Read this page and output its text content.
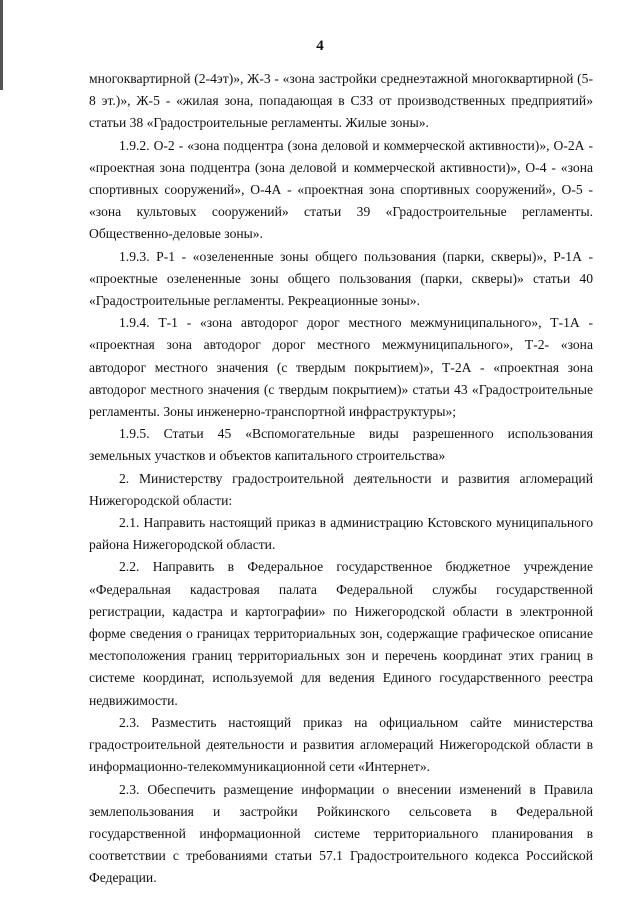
4

многоквартирной (2-4эт)», Ж-3 - «зона застройки среднеэтажной многоквартирной (5-8 эт.)», Ж-5 - «жилая зона, попадающая в СЗЗ от производственных предприятий» статьи 38 «Градостроительные регламенты. Жилые зоны».

1.9.2. О-2 - «зона подцентра (зона деловой и коммерческой активности)», О-2А - «проектная зона подцентра (зона деловой и коммерческой активности)», О-4 - «зона спортивных сооружений», О-4А - «проектная зона спортивных сооружений», О-5 - «зона культовых сооружений» статьи 39 «Градостроительные регламенты. Общественно-деловые зоны».

1.9.3. Р-1 - «озелененные зоны общего пользования (парки, скверы)», Р-1А - «проектные озелененные зоны общего пользования (парки, скверы)» статьи 40 «Градостроительные регламенты. Рекреационные зоны».

1.9.4. Т-1 - «зона автодорог дорог местного межмуниципального», Т-1А - «проектная зона автодорог дорог местного межмуниципального», Т-2- «зона автодорог местного значения (с твердым покрытием)», Т-2А - «проектная зона автодорог местного значения (с твердым покрытием)» статьи 43 «Градостроительные регламенты. Зоны инженерно-транспортной инфраструктуры»;

1.9.5. Статьи 45 «Вспомогательные виды разрешенного использования земельных участков и объектов капитального строительства»

2. Министерству градостроительной деятельности и развития агломераций Нижегородской области:

2.1. Направить настоящий приказ в администрацию Кстовского муниципального района Нижегородской области.

2.2. Направить в Федеральное государственное бюджетное учреждение «Федеральная кадастровая палата Федеральной службы государственной регистрации, кадастра и картографии» по Нижегородской области в электронной форме сведения о границах территориальных зон, содержащие графическое описание местоположения границ территориальных зон и перечень координат этих границ в системе координат, используемой для ведения Единого государственного реестра недвижимости.

2.3. Разместить настоящий приказ на официальном сайте министерства градостроительной деятельности и развития агломераций Нижегородской области в информационно-телекоммуникационной сети «Интернет».

2.3. Обеспечить размещение информации о внесении изменений в Правила землепользования и застройки Ройкинского сельсовета в Федеральной государственной информационной системе территориального планирования в соответствии с требованиями статьи 57.1 Градостроительного кодекса Российской Федерации.
